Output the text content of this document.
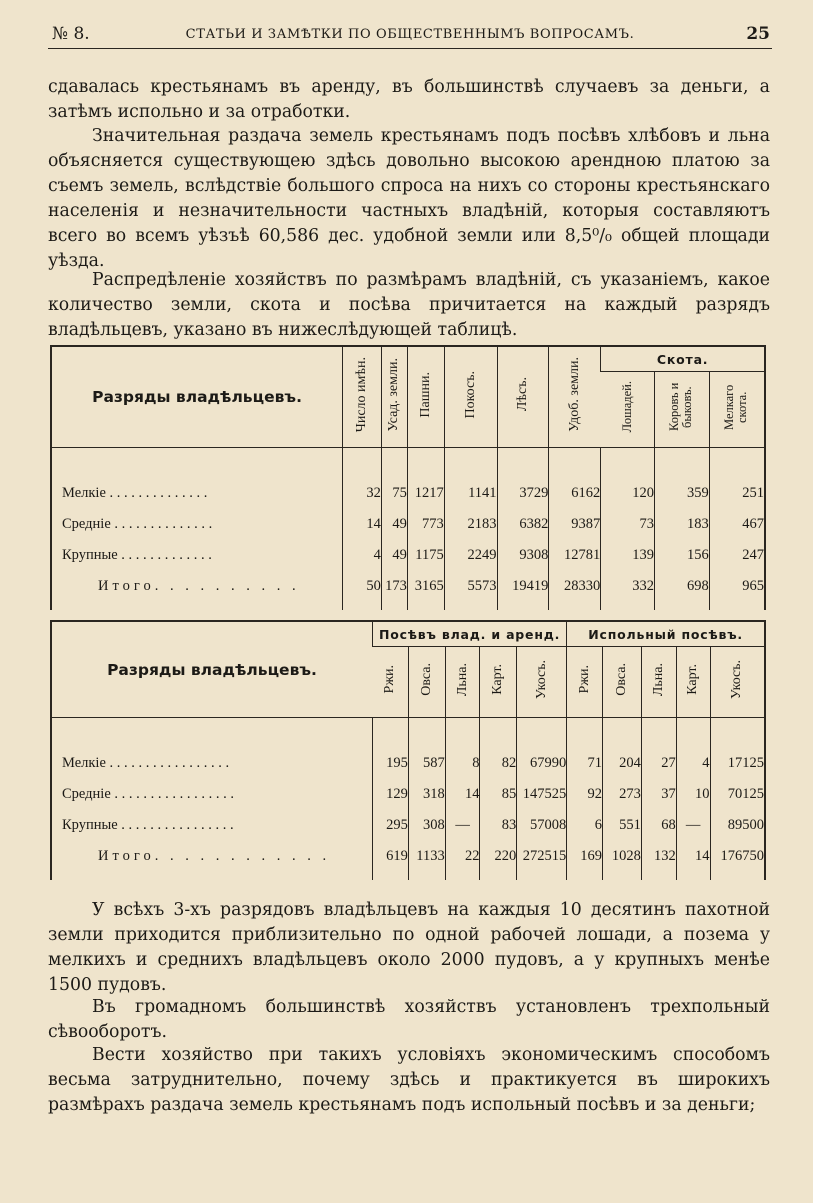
№ 8.	СТАТЬИ И ЗАМѢТКИ ПО ОБЩЕСТВЕННЫМЪ ВОПРОСАМЪ.	25
сдавалась крестьянамъ въ аренду, въ большинствѣ случаевъ за деньги, а затѣмъ испольно и за отработки.
Значительная раздача земель крестьянамъ подъ посѣвъ хлѣбовъ и льна объясняется существующею здѣсь довольно высокою арендною платою за съемъ земель, вслѣдствіе большого спроса на нихъ со стороны крестьянскаго населенія и незначительности частныхъ владѣній, которыя составляютъ всего во всемъ уѣзъѣ 60,586 дес. удобной земли или 8,5⁰/₀ общей площади уѣзда.
Распредѣленіе хозяйствъ по размѣрамъ владѣній, съ указаніемъ, какое количество земли, скота и посѣва причитается на каждый разрядъ владѣльцевъ, указано въ нижеслѣдующей таблицѣ.
Разряды владѣльцевъ.	Число имѣн.	Усад. земли.	Пашни.	Покосъ.	Лѣсъ.	Удоб. земли.	Скота.		
							Лошадей.	Коровъ и быковъ.	Мелкаго скота.

Мелкіе . . . . . . . . . . . . . .	32	75	1217	1141	3729	6162	120	359	251
Средніе . . . . . . . . . . . . . .	14	49	773	2183	6382	9387	73	183	467
Крупные . . . . . . . . . . . . .	4	49	1175	2249	9308	12781	139	156	247
Итого. . . . . . . . . .	50	173	3165	5573	19419	28330	332	698	965

Разряды владѣльцевъ.	Посѣвъ влад. и аренд.					Испольный посѣвъ.				
	Ржи.	Овса.	Льна.	Карт.	Укосъ.	Ржи.	Овса.	Льна.	Карт.	Укосъ.

Мелкіе . . . . . . . . . . . . . . . . .	195	587	8	82	67990	71	204	27	4	17125
Средніе . . . . . . . . . . . . . . . . .	129	318	14	85	147525	92	273	37	10	70125
Крупные . . . . . . . . . . . . . . . .	295	308	—	83	57008	6	551	68	—	89500
Итого. . . . . . . . . . . .	619	1133	22	220	272515	169	1028	132	14	176750

У всѣхъ 3-хъ разрядовъ владѣльцевъ на каждыя 10 десятинъ пахотной земли приходится приблизительно по одной рабочей лошади, а позема у мелкихъ и среднихъ владѣльцевъ около 2000 пудовъ, а у крупныхъ менѣе 1500 пудовъ.
Въ громадномъ большинствѣ хозяйствъ установленъ трехпольный сѣвооборотъ.
Вести хозяйство при такихъ условіяхъ экономическимъ способомъ весьма затруднительно, почему здѣсь и практикуется въ широкихъ размѣрахъ раздача земель крестьянамъ подъ испольный посѣвъ и за деньги;
